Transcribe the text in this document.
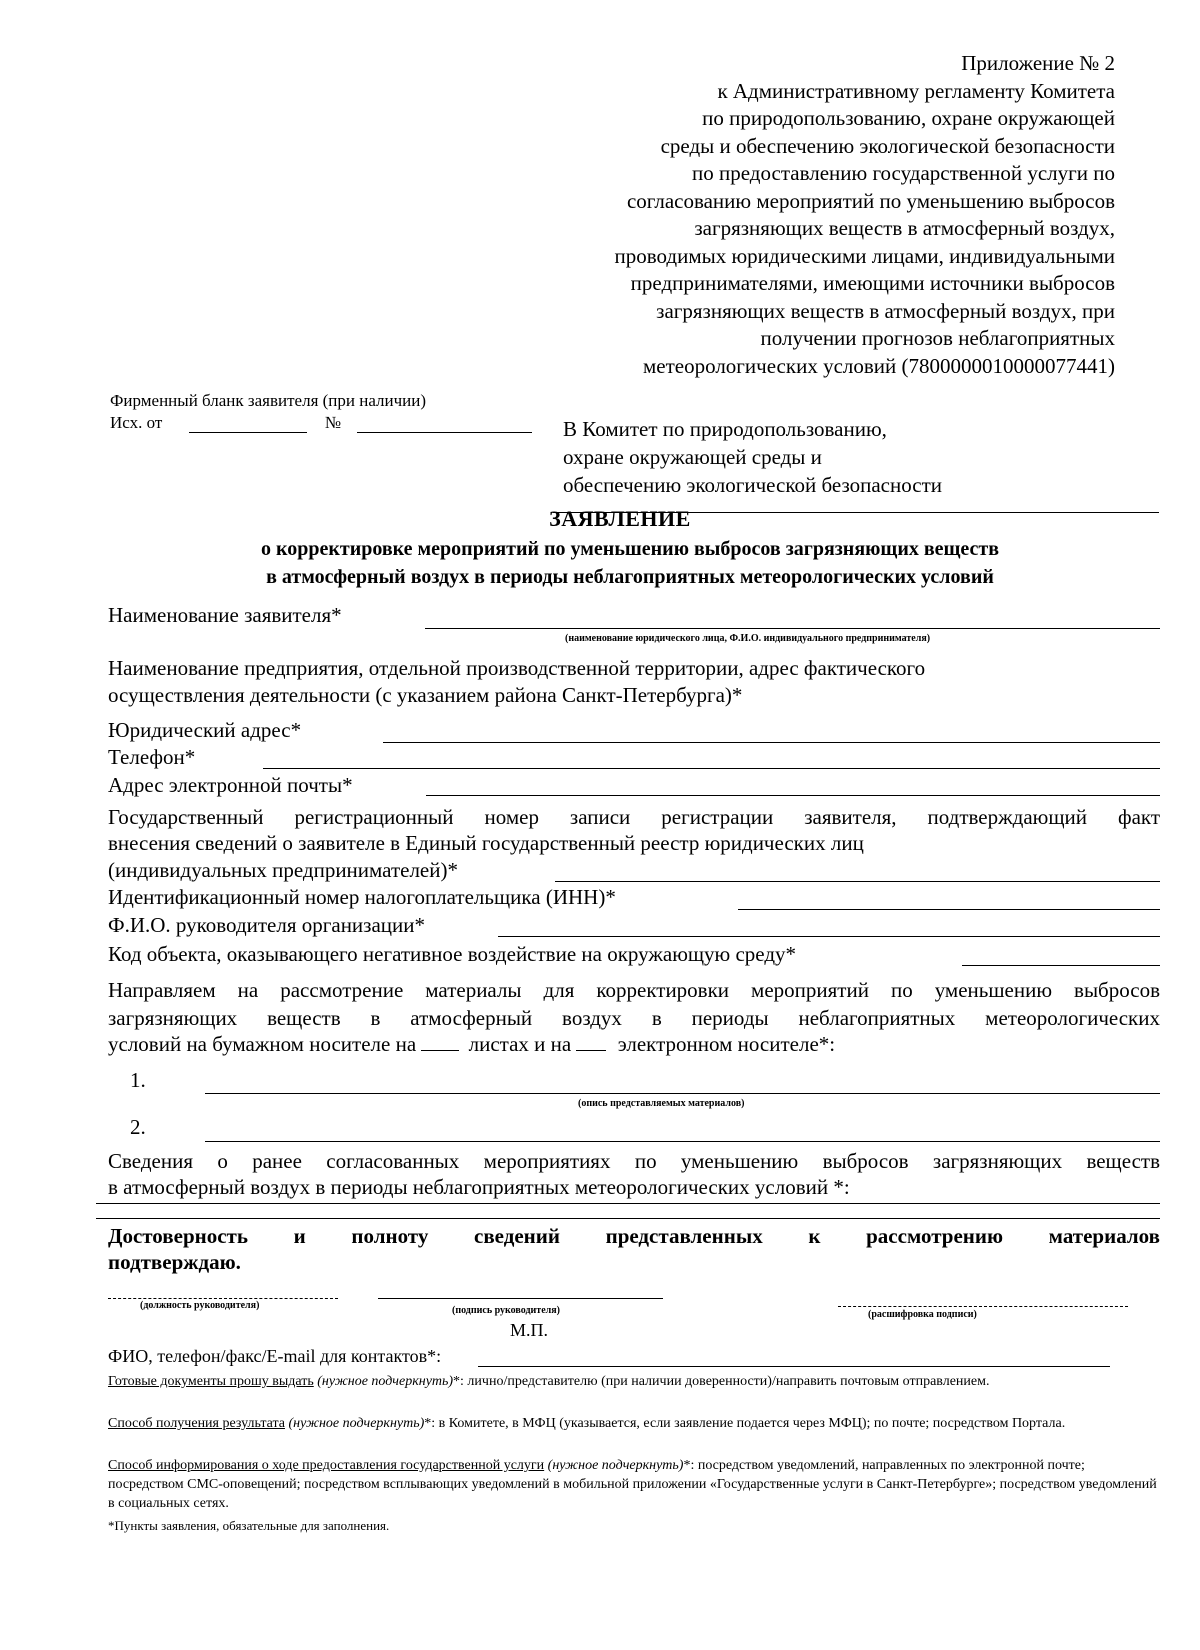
Приложение № 2
к Административному регламенту Комитета
по природопользованию, охране окружающей
среды и обеспечению экологической безопасности
по предоставлению государственной услуги по
согласованию мероприятий по уменьшению выбросов
загрязняющих веществ в атмосферный воздух,
проводимых юридическими лицами, индивидуальными
предпринимателями, имеющими источники выбросов
загрязняющих веществ в атмосферный воздух, при
получении прогнозов неблагоприятных
метеорологических условий (7800000010000077441)
Фирменный бланк заявителя (при наличии)
Исх. от	№	В Комитет по природопользованию,
охране окружающей среды и
обеспечению экологической безопасности
ЗАЯВЛЕНИЕ
о корректировке мероприятий по уменьшению выбросов загрязняющих веществ
в атмосферный воздух в периоды неблагоприятных метеорологических условий
Наименование заявителя*
(наименование юридического лица, Ф.И.О. индивидуального предпринимателя)
Наименование предприятия, отдельной производственной территории, адрес фактического
осуществления деятельности (с указанием района Санкт-Петербурга)*
Юридический адрес*
Телефон*
Адрес электронной почты*
Государственный регистрационный номер записи регистрации заявителя, подтверждающий факт
внесения сведений о заявителе в Единый государственный реестр юридических лиц
(индивидуальных предпринимателей)*
Идентификационный номер налогоплательщика (ИНН)*
Ф.И.О. руководителя организации*
Код объекта, оказывающего негативное воздействие на окружающую среду*
Направляем на рассмотрение материалы для корректировки мероприятий по уменьшению выбросов
загрязняющих веществ в атмосферный воздух в периоды неблагоприятных метеорологических
условий на бумажном носителе на	листах и на электронном носителе*:
1.
(опись представляемых материалов)
2.
Сведения о ранее согласованных мероприятиях по уменьшению выбросов загрязняющих веществ
в атмосферный воздух в периоды неблагоприятных метеорологических условий *:
Достоверность и полноту сведений представленных к рассмотрению материалов
подтверждаю.
(должность руководителя)	(подпись руководителя)	(расшифровка подписи)
М.П.
ФИО, телефон/факс/E-mail для контактов*:
Готовые документы прошу выдать (нужное подчеркнуть)*: лично/представителю (при наличии доверенности)/направить почтовым отправлением.
Способ получения результата (нужное подчеркнуть)*: в Комитете, в МФЦ (указывается, если заявление подается через МФЦ); по почте; посредством Портала.
Способ информирования о ходе предоставления государственной услуги (нужное подчеркнуть)*: посредством уведомлений, направленных по электронной почте; посредством СМС-оповещений; посредством всплывающих уведомлений в мобильной приложении «Государственные услуги в Санкт-Петербурге»; посредством уведомлений в социальных сетях.
*Пункты заявления, обязательные для заполнения.
